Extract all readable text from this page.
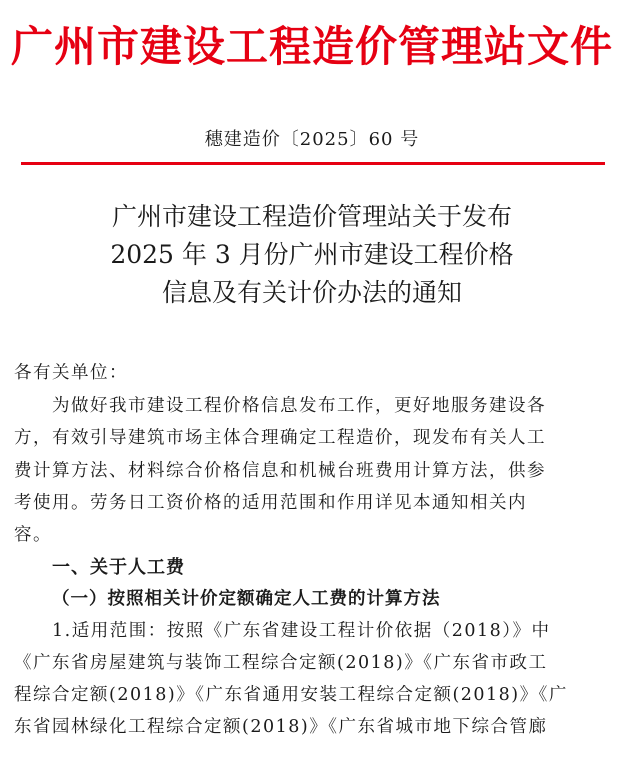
广州市建设工程造价管理站文件
穗建造价〔2025〕60 号
广州市建设工程造价管理站关于发布
2025 年 3 月份广州市建设工程价格
信息及有关计价办法的通知
各有关单位：
　　为做好我市建设工程价格信息发布工作，更好地服务建设各
方，有效引导建筑市场主体合理确定工程造价，现发布有关人工
费计算方法、材料综合价格信息和机械台班费用计算方法，供参
考使用。劳务日工资价格的适用范围和作用详见本通知相关内
容。
一、关于人工费
（一）按照相关计价定额确定人工费的计算方法
　　1.适用范围：按照《广东省建设工程计价依据（2018）》中
《广东省房屋建筑与装饰工程综合定额(2018)》《广东省市政工
程综合定额(2018)》《广东省通用安装工程综合定额(2018)》《广
东省园林绿化工程综合定额(2018)》《广东省城市地下综合管廊
